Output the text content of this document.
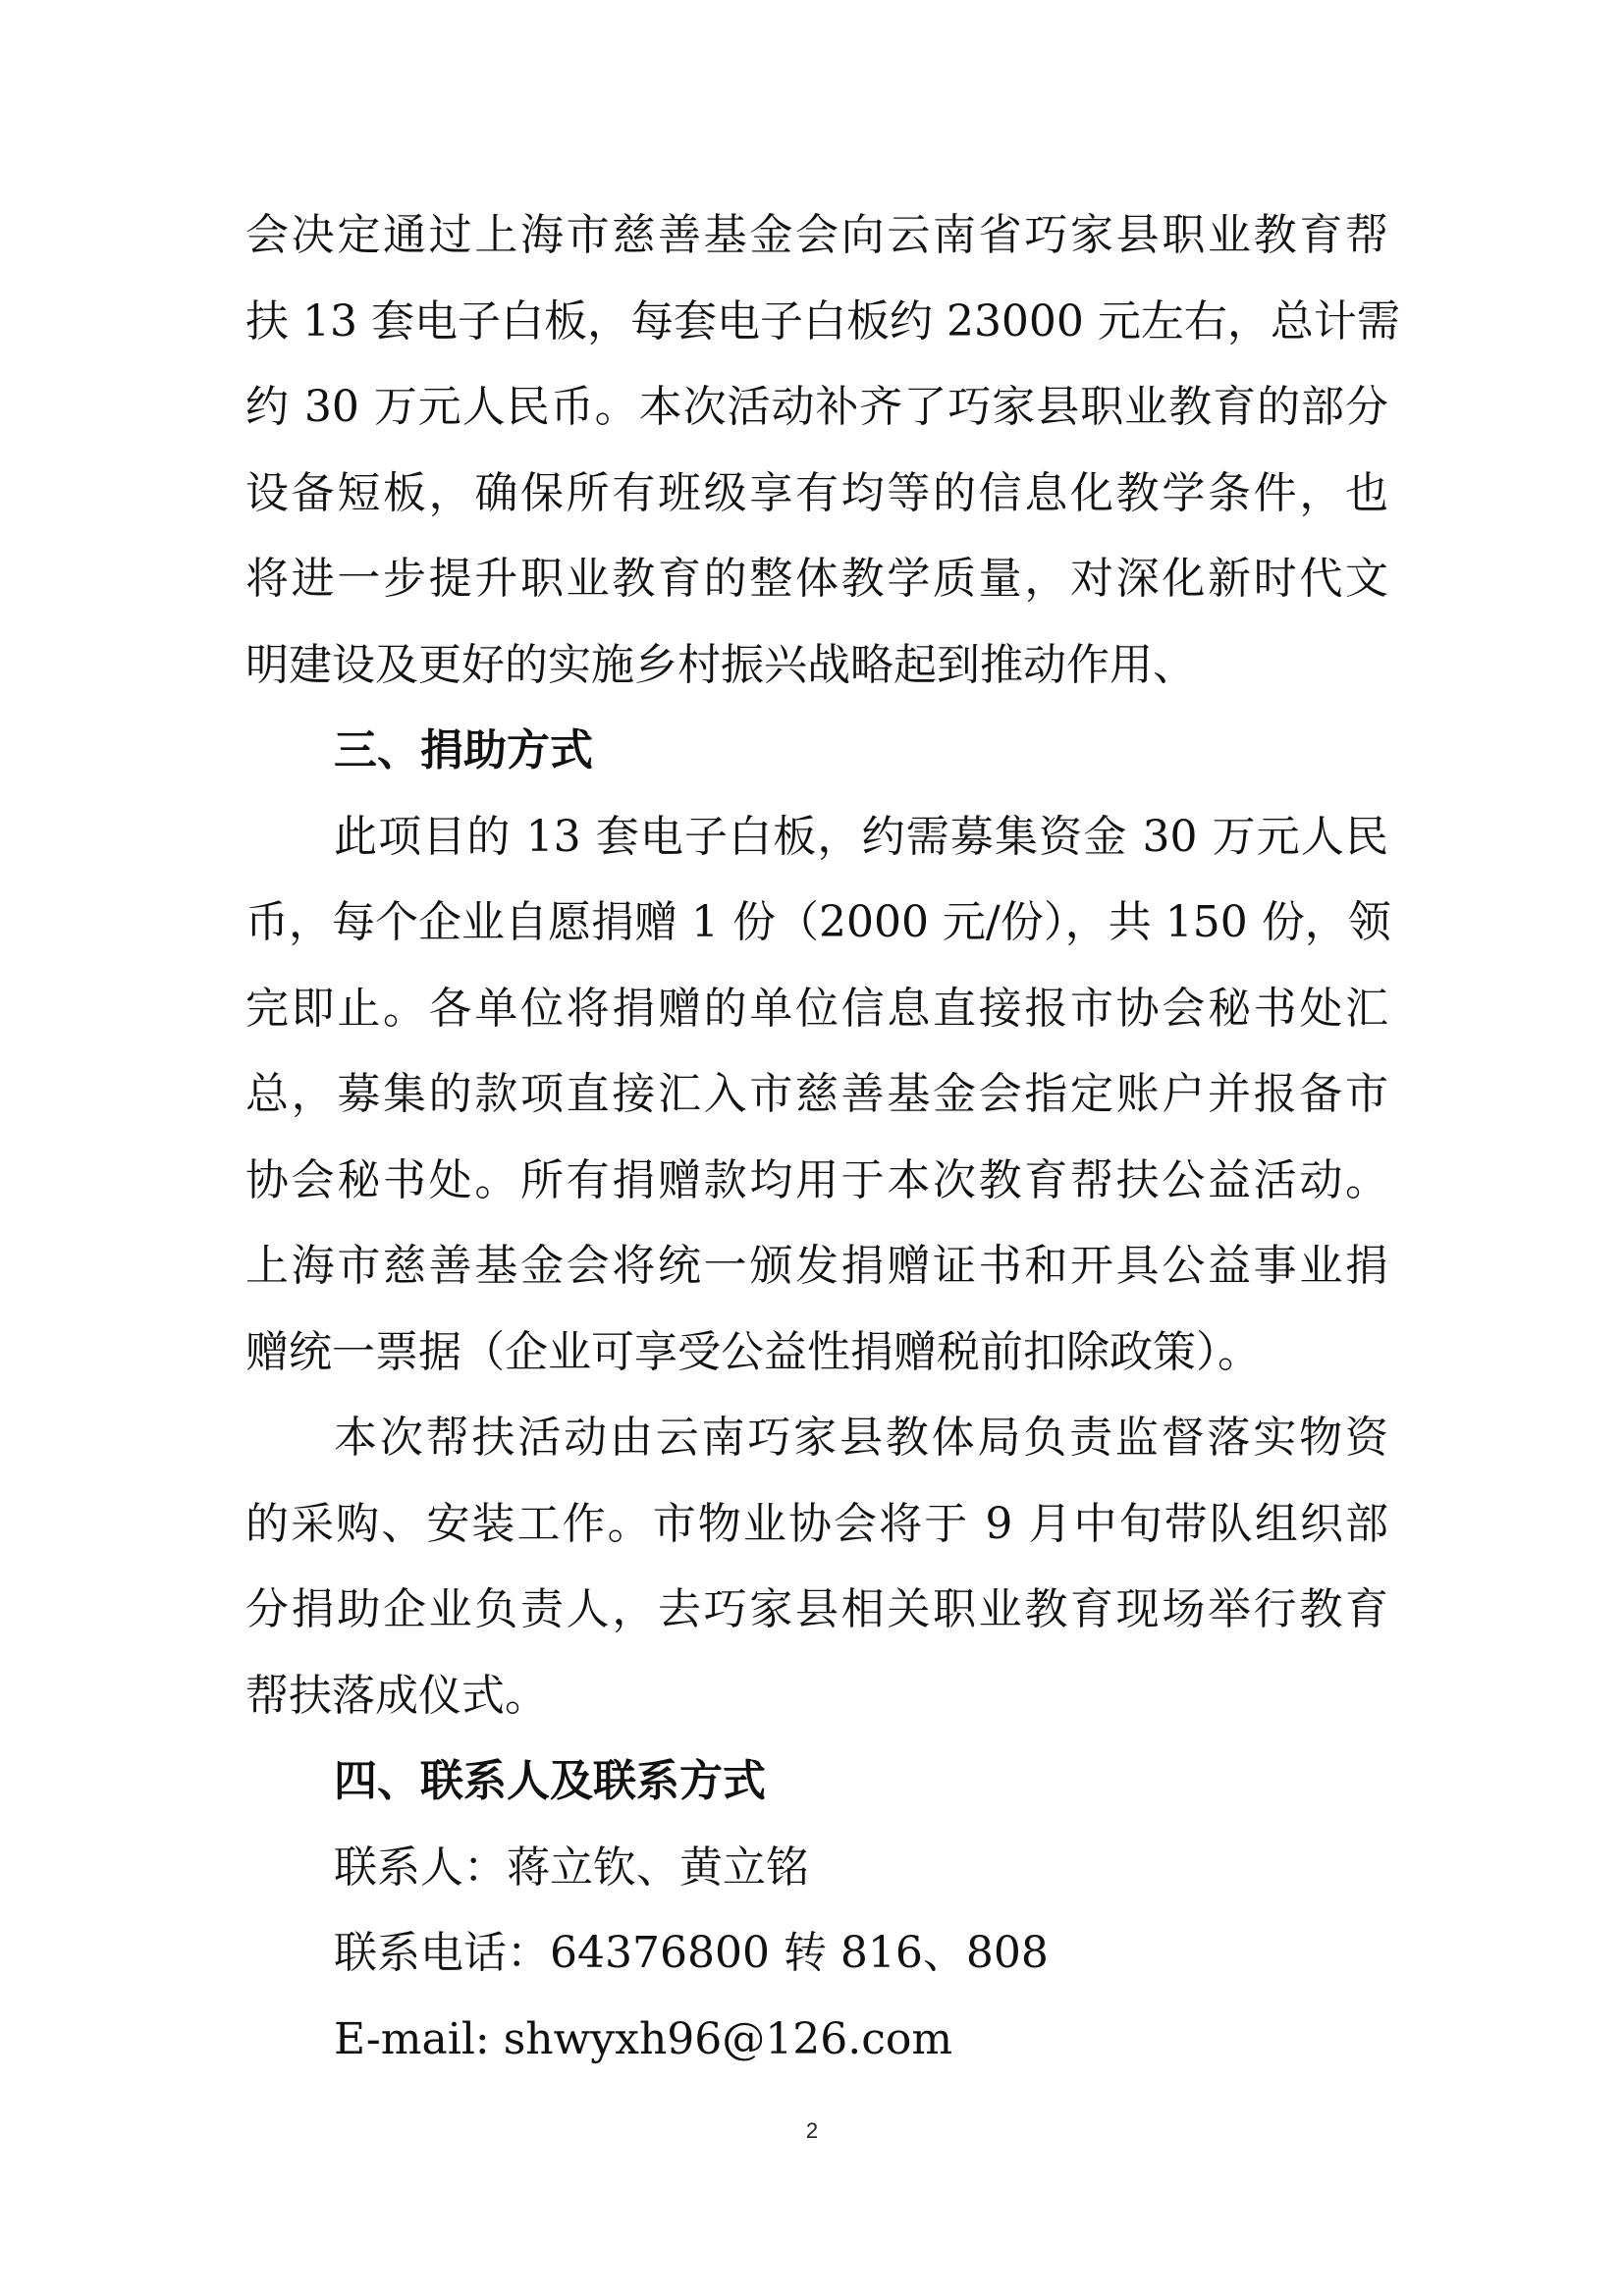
会决定通过上海市慈善基金会向云南省巧家县职业教育帮
扶 13 套电子白板，每套电子白板约 23000 元左右，总计需
约 30 万元人民币。本次活动补齐了巧家县职业教育的部分
设备短板，确保所有班级享有均等的信息化教学条件，也
将进一步提升职业教育的整体教学质量，对深化新时代文
明建设及更好的实施乡村振兴战略起到推动作用、
三、捐助方式
此项目的 13 套电子白板，约需募集资金 30 万元人民
币，每个企业自愿捐赠 1 份（2000 元/份），共 150 份，领
完即止。各单位将捐赠的单位信息直接报市协会秘书处汇
总，募集的款项直接汇入市慈善基金会指定账户并报备市
协会秘书处。所有捐赠款均用于本次教育帮扶公益活动。
上海市慈善基金会将统一颁发捐赠证书和开具公益事业捐
赠统一票据（企业可享受公益性捐赠税前扣除政策）。
本次帮扶活动由云南巧家县教体局负责监督落实物资
的采购、安装工作。市物业协会将于 9 月中旬带队组织部
分捐助企业负责人，去巧家县相关职业教育现场举行教育
帮扶落成仪式。
四、联系人及联系方式
联系人：蒋立钦、黄立铭
联系电话：64376800 转 816、808
E-mail: shwyxh96@126.com
2
